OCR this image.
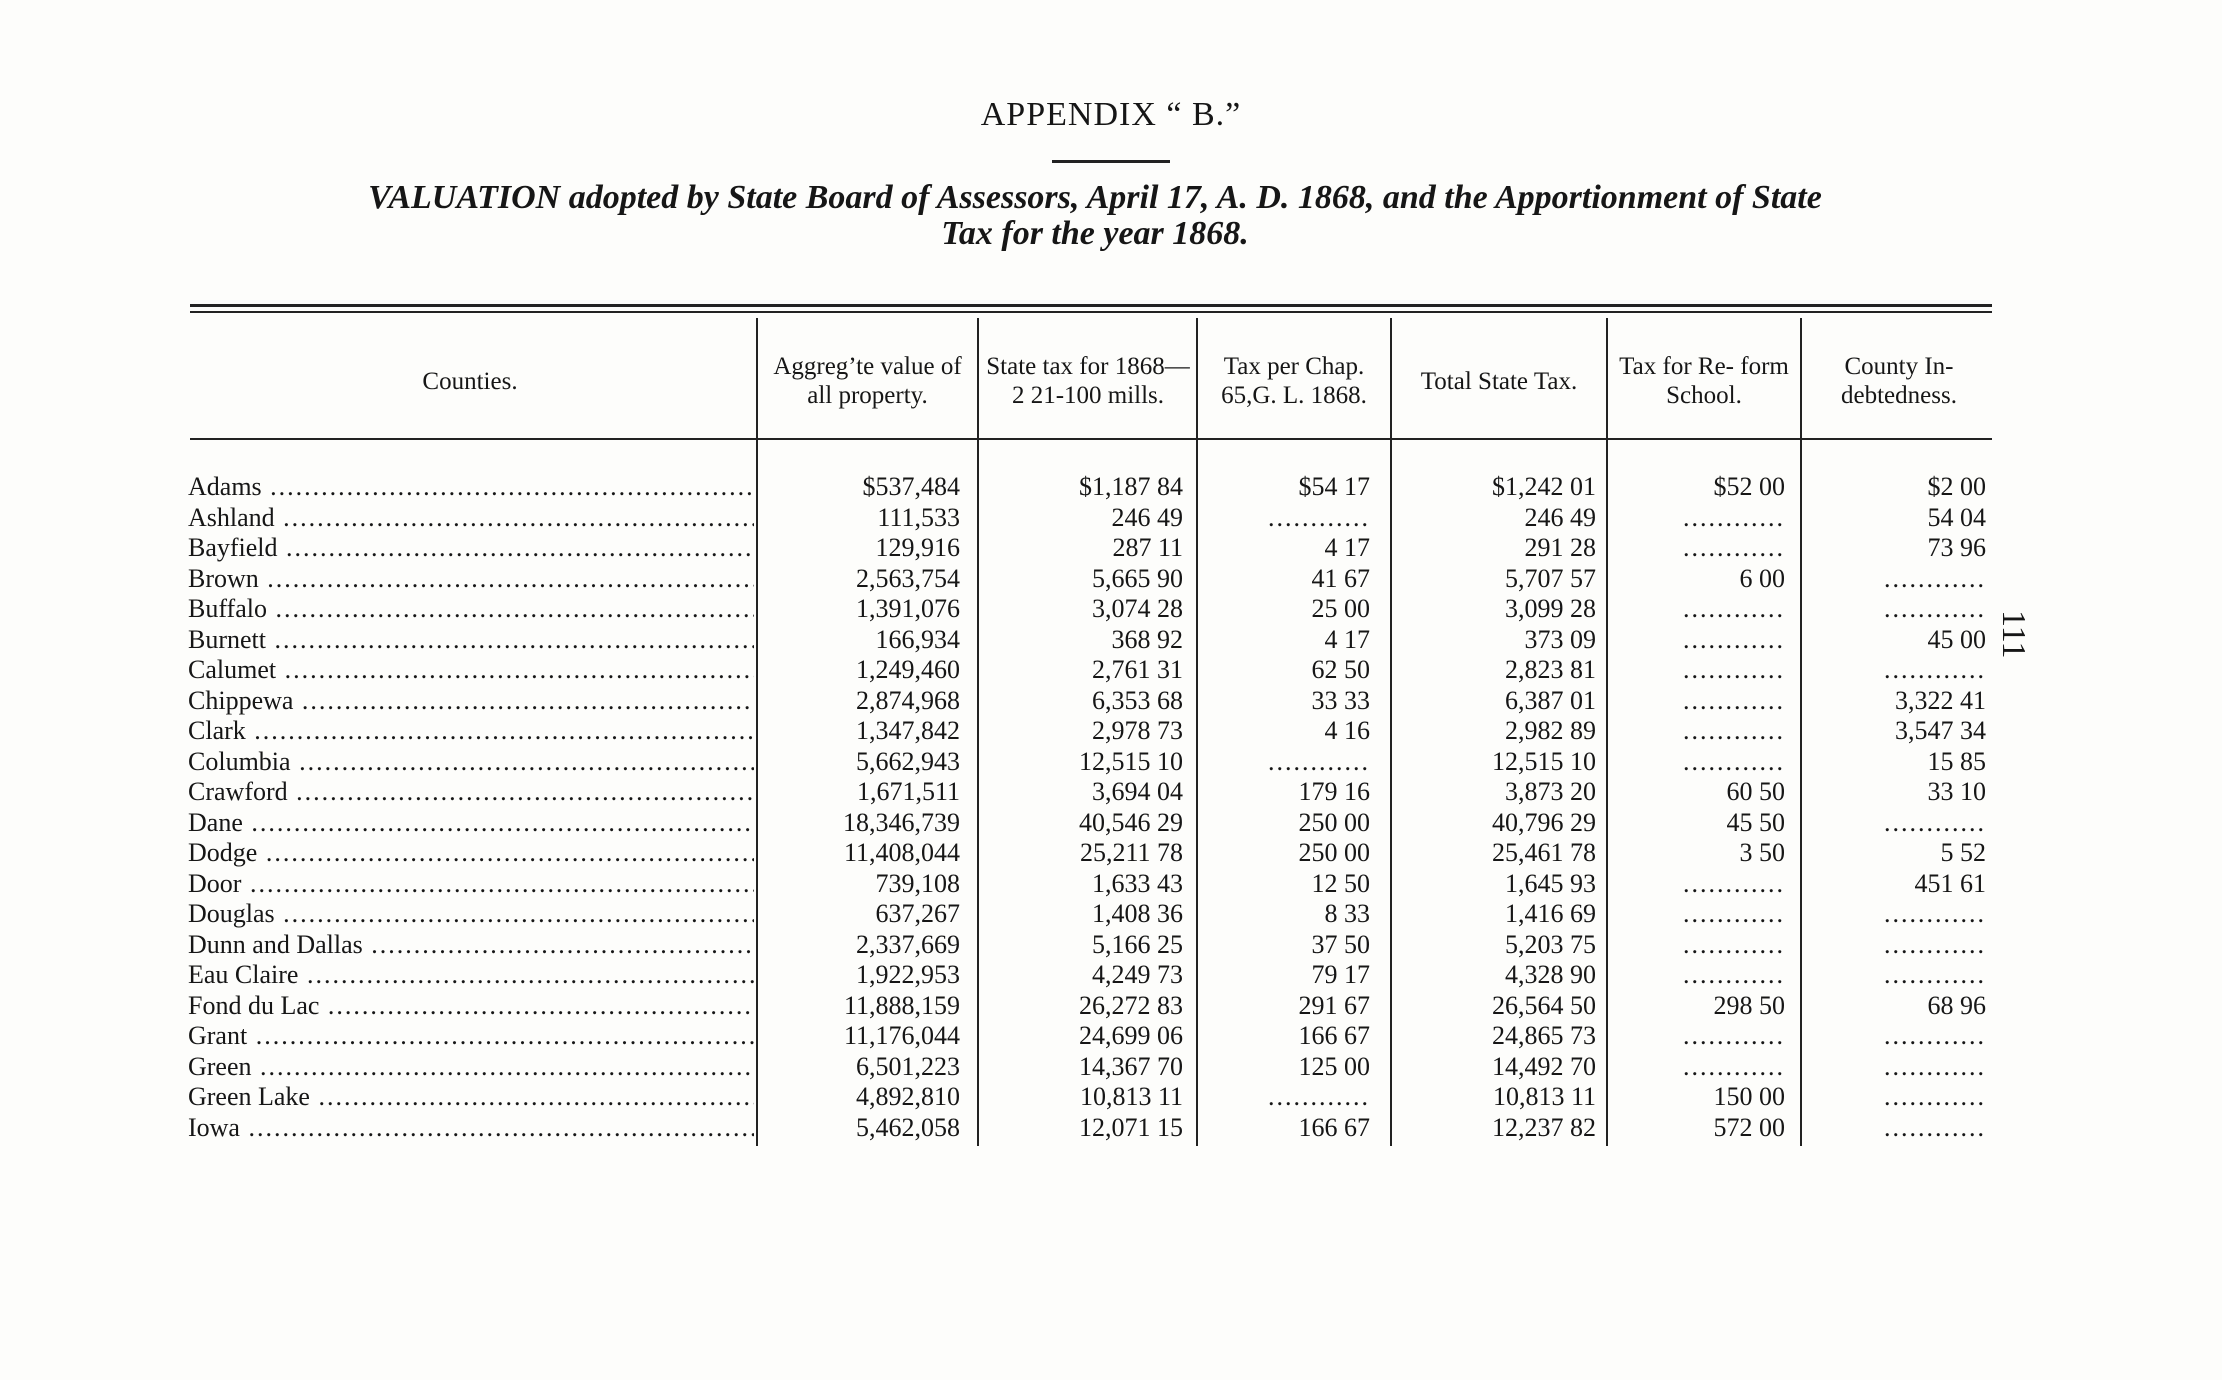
APPENDIX “ B.”
VALUATION adopted by State Board of Assessors, April 17, A. D. 1868, and the Apportionment of State
Tax for the year 1868.
Counties.
Aggreg’te value of all property.
State tax for 1868—2 21-100 mills.
Tax per Chap. 65,G. L. 1868.
Total State Tax.
Tax for Re- form School.
County In- debtedness.
Adams .....	$537,484	$1,187 84	$54 17	$1,242 01	$52 00	$2 00
Ashland .....	111,533	246 49	............	246 49	............	54 04
Bayfield .....	129,916	287 11	4 17	291 28	............	73 96
Brown .....	2,563,754	5,665 90	41 67	5,707 57	6 00	............
Buffalo .....	1,391,076	3,074 28	25 00	3,099 28	............	............
Burnett .....	166,934	368 92	4 17	373 09	............	45 00
Calumet .....	1,249,460	2,761 31	62 50	2,823 81	............	............
Chippewa .....	2,874,968	6,353 68	33 33	6,387 01	............	3,322 41
Clark .....	1,347,842	2,978 73	4 16	2,982 89	............	3,547 34
Columbia .....	5,662,943	12,515 10	............	12,515 10	............	15 85
Crawford .....	1,671,511	3,694 04	179 16	3,873 20	60 50	33 10
Dane .....	18,346,739	40,546 29	250 00	40,796 29	45 50	............
Dodge .....	11,408,044	25,211 78	250 00	25,461 78	3 50	5 52
Door .....	739,108	1,633 43	12 50	1,645 93	............	451 61
Douglas .....	637,267	1,408 36	8 33	1,416 69	............	............
Dunn and Dallas .....	2,337,669	5,166 25	37 50	5,203 75	............	............
Eau Claire .....	1,922,953	4,249 73	79 17	4,328 90	............	............
Fond du Lac .....	11,888,159	26,272 83	291 67	26,564 50	298 50	68 96
Grant .....	11,176,044	24,699 06	166 67	24,865 73	............	............
Green .....	6,501,223	14,367 70	125 00	14,492 70	............	............
Green Lake .....	4,892,810	10,813 11	............	10,813 11	150 00	............
Iowa .....	5,462,058	12,071 15	166 67	12,237 82	572 00	............
111
